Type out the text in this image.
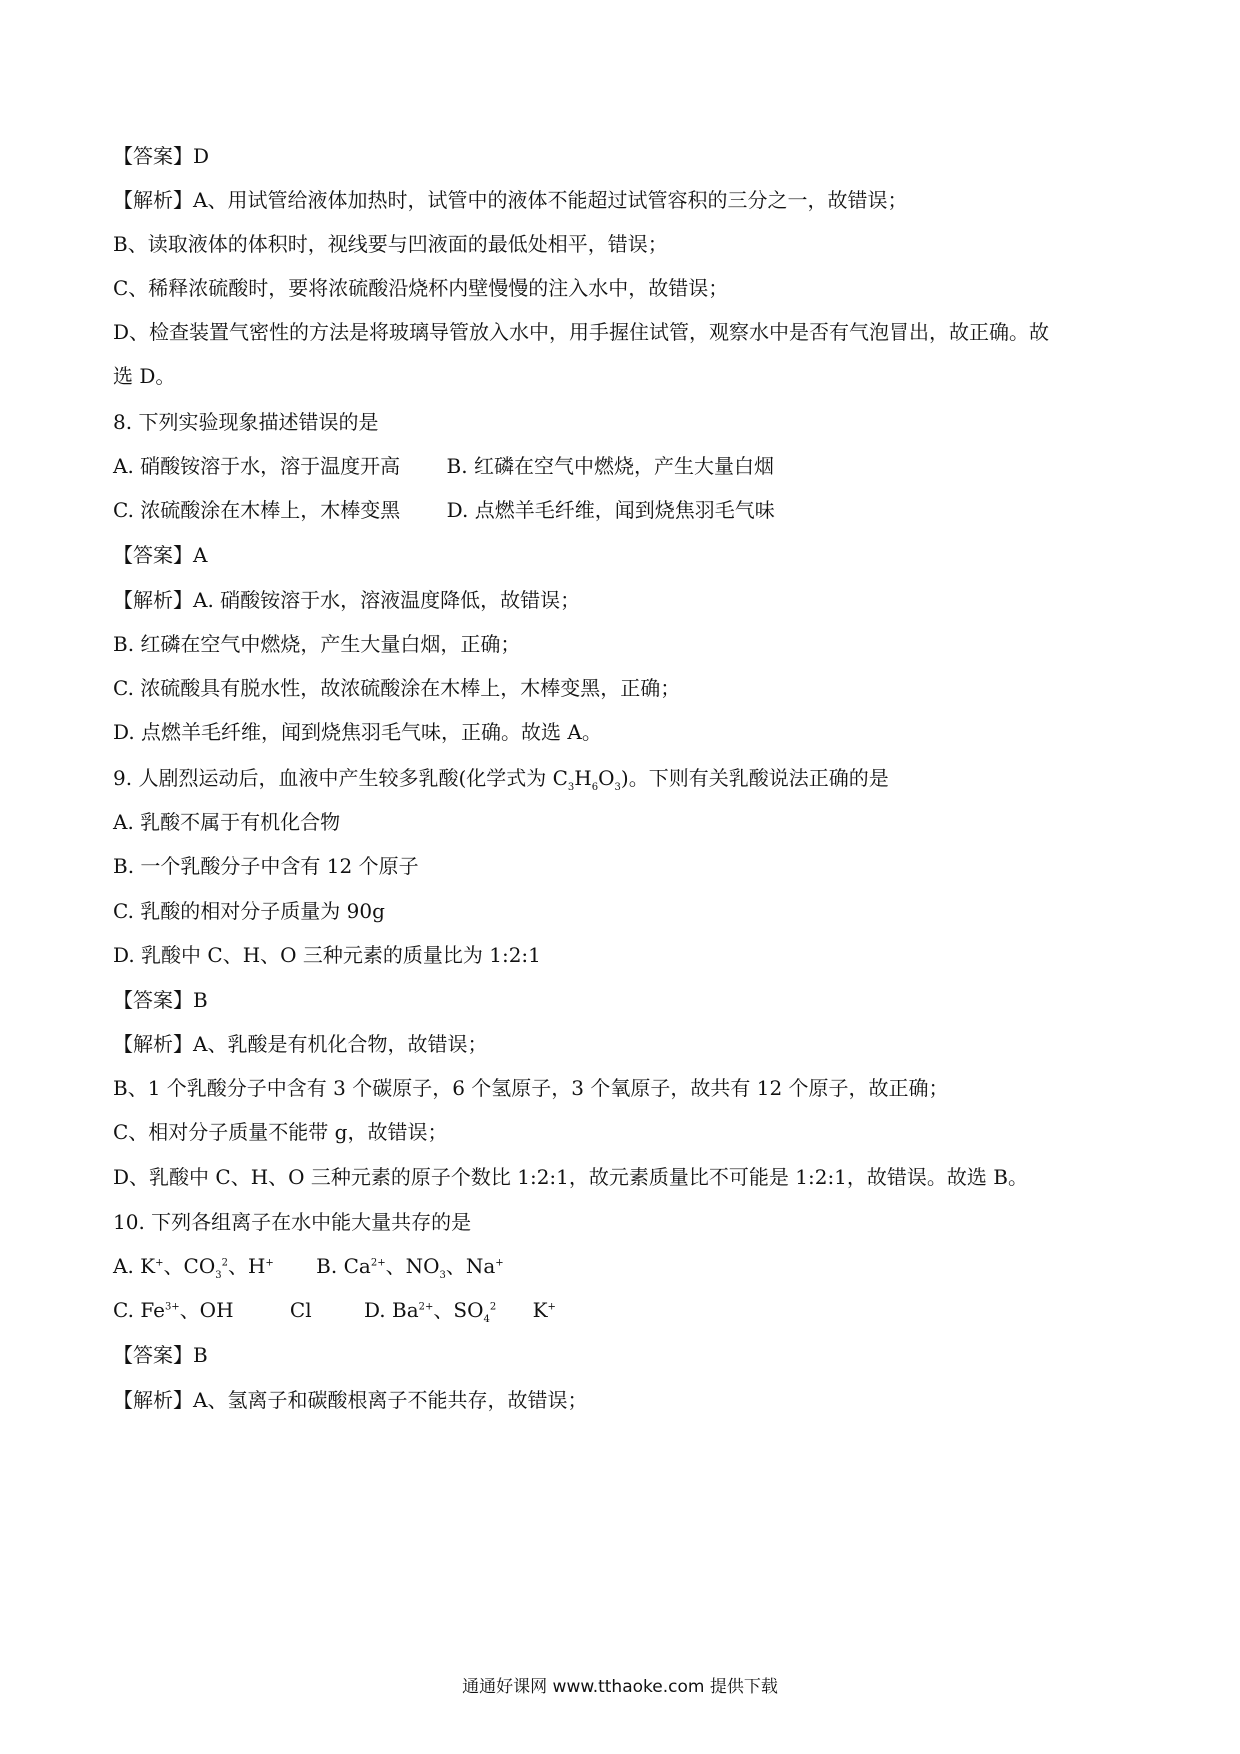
【答案】D
【解析】A、用试管给液体加热时，试管中的液体不能超过试管容积的三分之一，故错误；
B、读取液体的体积时，视线要与凹液面的最低处相平，错误；
C、稀释浓硫酸时，要将浓硫酸沿烧杯内壁慢慢的注入水中，故错误；
D、检查装置气密性的方法是将玻璃导管放入水中，用手握住试管，观察水中是否有气泡冒出，故正确。故
选 D。
8. 下列实验现象描述错误的是
A. 硝酸铵溶于水，溶于温度开高 B. 红磷在空气中燃烧，产生大量白烟
C. 浓硫酸涂在木棒上，木棒变黑 D. 点燃羊毛纤维，闻到烧焦羽毛气味
【答案】A
【解析】A. 硝酸铵溶于水，溶液温度降低，故错误；
B. 红磷在空气中燃烧，产生大量白烟，正确；
C. 浓硫酸具有脱水性，故浓硫酸涂在木棒上，木棒变黑，正确；
D. 点燃羊毛纤维，闻到烧焦羽毛气味，正确。故选 A。
9. 人剧烈运动后，血液中产生较多乳酸(化学式为 $C_3H_6O_3$)。下则有关乳酸说法正确的是
A. 乳酸不属于有机化合物
B. 一个乳酸分子中含有 12 个原子
C. 乳酸的相对分子质量为 90g
D. 乳酸中 C、H、O 三种元素的质量比为 1:2:1
【答案】B
【解析】A、乳酸是有机化合物，故错误；
B、1 个乳酸分子中含有 3 个碳原子，6 个氢原子，3 个氧原子，故共有 12 个原子，故正确；
C、相对分子质量不能带 g，故错误；
D、乳酸中 C、H、O 三种元素的原子个数比 1:2:1，故元素质量比不可能是 1:2:1，故错误。故选 B。
10. 下列各组离子在水中能大量共存的是
A. K+、$CO_3^2$、H+ B. $Ca^{2+}$、$NO_3$、Na+
C. $Fe^{3+}$、OH	Cl	D. $Ba^{2+}$、$SO_4^2$ K+
【答案】B
【解析】A、氢离子和碳酸根离子不能共存，故错误；
通通好课网 www.tthaoke.com 提供下载
